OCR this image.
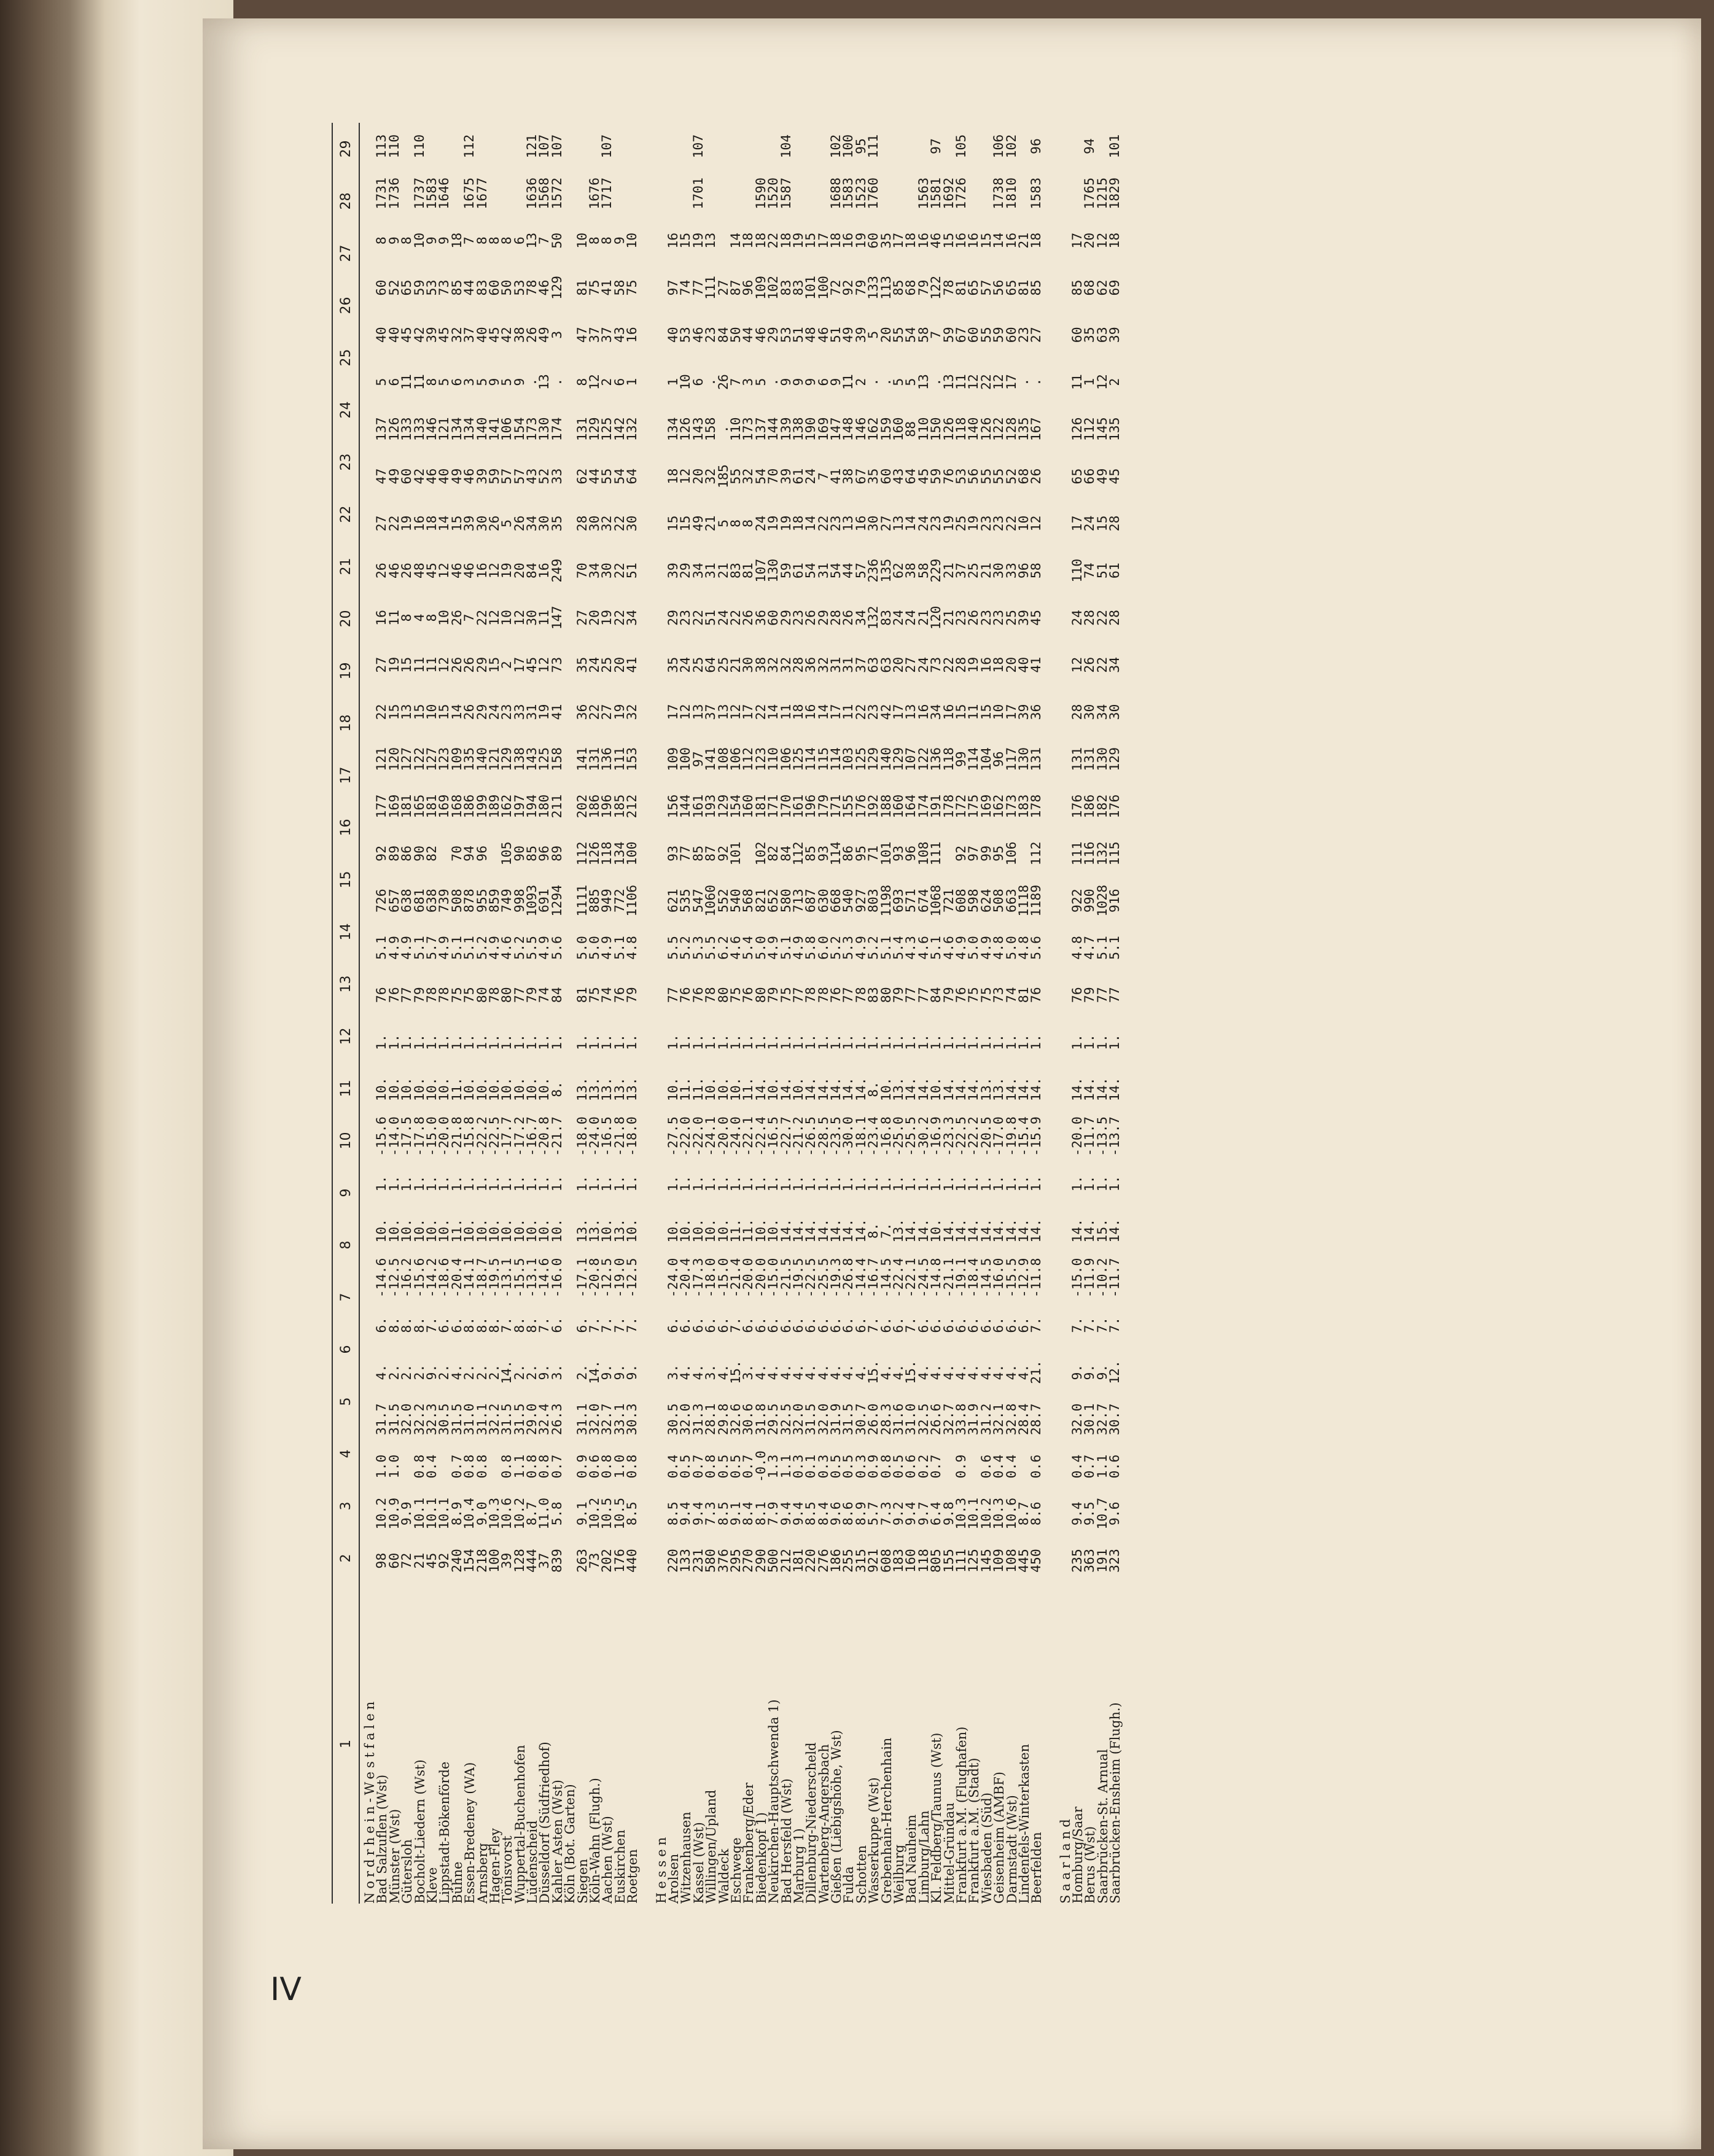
1
2
3
4
5
6
7
8
9
10
11
12
13
14
15
16
17
18
19
20
21
22
23
24
25
26
27
28
29
Nordrhein-Westfalen
Bad Salzuflen (Wst)
98
10.2
1.0
31.7
4.
6.
-14.6
10.
1.
-15.6
10.
1.
76
5.1
726
92
177
121
22
27
16
26
27
47
137
5
40
60
8
1731
113
Münster (Wst)
60
10.9
1.0
31.5
2.
8.
-12.5
10.
1.
-14.0
10.
1.
76
4.9
657
89
169
120
15
19
11
46
22
49
126
6
40
52
9
1736
110
Gütersloh
72
9.9
32.0
2.
8.
-16.2
10.
1.
-17.5
10.
1.
77
4.9
638
86
181
127
13
15
8
26
19
60
133
11
45
65
8
Bocholt-Liedern (Wst)
21
10.1
0.8
32.2
2.
8.
-15.6
10.
1.
-17.8
10.
1.
79
5.1
681
90
165
122
15
11
4
48
16
42
133
11
42
59
10
1737
110
Kleve
45
10.1
0.4
32.3
9.
7.
-14.2
10.
1.
-15.0
10.
1.
78
5.7
638
82
181
127
10
11
8
45
18
46
146
8
39
53
9
1583
Lippstadt-Bökenförde
92
10.1
30.5
2.
6.
-18.6
10.
1.
-20.0
10.
1.
78
4.9
739
169
123
15
12
10
12
14
40
121
5
45
73
9
1646
Bühne
240
8.9
0.7
31.5
4.
6.
-20.4
11.
1.
-21.8
11.
1.
75
5.1
508
70
168
109
14
26
26
46
15
49
134
6
32
85
18
Essen-Bredeney (WA)
154
10.4
0.8
31.0
2.
8.
-14.1
10.
1.
-15.8
10.
1.
75
5.1
878
94
186
135
26
26
7
46
39
46
134
3
37
44
7
1675
112
Arnsberg
218
9.0
0.8
31.1
2.
8.
-18.7
10.
1.
-22.2
10.
1.
80
5.2
955
96
199
140
29
29
22
16
30
39
140
5
40
83
8
1677
Hagen-Fley
100
10.3
32.2
2.
8.
-19.5
10.
1.
-22.5
10.
1.
78
4.9
859
189
121
24
15
12
12
26
59
141
9
45
60
8
Tönisvorst
39
10.6
0.8
31.5
14.
7.
-13.1
10.
1.
-17.7
10.
1.
80
4.6
749
105
162
129
23
2
10
19
5
57
106
5
42
50
8
Wuppertal-Buchenhofen
128
10.2
1.1
31.5
2.
8.
-15.5
10.
1.
-17.2
10.
1.
77
5.2
998
90
197
138
33
17
12
20
26
57
154
9
38
53
6
Lüdenscheid
444
8.7
0.8
29.0
2.
8.
-13.1
10.
1.
-16.7
10.
1.
79
5.5
1093
85
194
143
31
45
30
84
34
43
173
.
26
78
13
1636
121
Düsseldorf (Südfriedhof)
37
11.0
0.8
32.4
9.
7.
-14.6
10.
1.
-20.8
10.
1.
74
4.9
691
96
180
125
19
12
11
16
30
52
130
13
49
46
7
1568
107
Kahler Asten (Wst)
839
5.8
0.7
26.3
3.
6.
-16.0
10.
1.
-21.7
8.
1.
84
5.6
1294
89
211
158
41
73
147
249
35
33
174
.
3
129
50
1572
107
Köln (Bot. Garten)
Siegen
263
9.1
0.9
31.1
2.
6.
-17.1
13.
1.
-18.0
13.
1.
81
5.0
1111
112
202
141
36
35
27
70
28
62
131
8
47
81
10
Köln-Wahn (Flugh.)
73
10.2
0.6
32.0
14.
7.
-20.8
13.
1.
-24.0
13.
1.
75
5.0
885
126
186
131
22
24
20
34
30
44
129
12
37
75
8
1676
Aachen (Wst)
202
10.5
0.8
32.7
9.
7.
-12.5
10.
1.
-16.5
13.
1.
74
4.9
949
118
196
136
27
25
19
30
32
55
125
2
37
41
8
1717
107
Euskirchen
176
10.5
1.0
33.1
9.
7.
-19.0
13.
1.
-21.8
13.
1.
76
5.1
772
134
185
111
19
20
22
22
22
54
142
6
43
58
9
Roetgen
440
8.5
0.8
30.3
9.
7.
-12.5
10.
1.
-18.0
13.
1.
79
4.8
1106
100
212
153
32
41
34
51
30
64
132
1
16
75
10
Hessen
Arolsen
220
8.5
0.4
30.5
3.
6.
-24.0
10.
1.
-27.5
10.
1.
77
5.5
621
93
156
109
17
35
29
39
15
18
134
1
40
97
16
Witzenhausen
133
9.4
0.5
32.0
4.
6.
-20.4
10.
1.
-22.0
11.
1.
76
5.2
535
77
144
100
12
24
23
29
15
12
126
10
53
74
15
Kassel (Wst)
231
9.4
0.7
31.3
4.
6.
-17.3
10.
1.
-22.0
11.
1.
76
5.3
547
85
161
97
13
25
22
34
49
20
143
6
46
77
19
1701
107
Willingen/Upland
580
7.3
0.8
28.1
3.
6.
-18.0
10.
1.
-24.1
10.
1.
78
5.5
1060
87
193
141
37
64
51
31
21
32
158
.
23
111
13
Waldeck
376
8.5
0.5
29.8
4.
6.
-15.0
10.
1.
-20.0
10.
1.
80
6.2
552
92
129
108
13
25
24
21
5
185
.
26
84
27
Eschwege
295
9.1
0.5
32.6
15.
7.
-21.4
11.
1.
-24.0
10.
1.
75
4.6
540
101
154
106
12
21
22
83
8
55
110
7
50
87
14
Frankenberg/Eder
270
8.4
0.7
30.6
3.
6.
-20.0
11.
1.
-22.1
11.
1.
76
5.4
568
160
112
17
30
26
81
8
32
173
3
44
96
18
Biedenkopf 1)
290
8.1
-0.0
31.8
4.
6.
-20.0
10.
1.
-22.4
14.
1.
80
5.0
821
102
181
123
22
38
36
107
24
54
137
5
46
109
18
1590
Neukirchen-Hauptschwenda 1)
500
7.9
1.3
29.5
4.
6.
-15.0
10.
1.
-16.5
10.
1.
79
4.9
652
82
171
110
14
32
60
130
19
70
144
.
29
102
22
1520
Bad Hersfeld (Wst)
212
9.4
1.1
32.5
4.
6.
-21.5
14.
1.
-22.7
14.
1.
75
5.1
580
84
170
106
11
32
29
59
19
39
139
9
53
83
18
1587
104
Marburg 1)
181
9.4
0.3
32.0
4.
6.
-19.5
14.
1.
-21.2
10.
1.
77
4.9
713
112
161
125
18
28
23
61
18
61
138
9
51
83
19
Dillenburg-Niederscheld
220
8.5
0.1
31.5
4.
6.
-22.5
14.
1.
-26.5
14.
1.
78
5.8
687
85
196
114
16
36
26
54
14
24
190
9
48
101
15
Wartenberg-Angersbach
276
8.4
0.3
32.0
4.
6.
-25.5
14.
1.
-28.5
14.
1.
78
6.0
630
93
179
115
14
32
29
31
22
7
169
6
46
100
17
Gießen (Liebigshöhe, Wst)
186
9.6
0.5
31.9
4.
6.
-19.3
14.
1.
-23.5
14.
1.
76
5.2
668
114
171
114
17
31
28
54
23
41
147
9
51
72
18
1688
102
Fulda
255
8.6
0.5
31.5
4.
6.
-26.8
14.
1.
-30.0
14.
1.
77
5.3
540
86
155
103
11
31
26
44
13
38
148
11
49
92
16
1583
100
Schotten
315
8.9
0.3
30.7
4.
6.
-14.4
14.
1.
-18.1
14.
1.
78
4.9
927
95
176
125
22
37
34
57
16
67
146
2
39
79
19
1523
95
Wasserkuppe (Wst)
921
5.7
0.9
26.0
15.
7.
-16.7
8.
1.
-23.4
8.
1.
83
5.2
803
71
192
129
23
63
132
236
30
35
162
.
5
133
60
1760
111
Grebenhain-Herchenhain
608
7.3
0.8
28.3
4.
6.
-14.5
7.
1.
-16.8
10.
1.
80
5.1
1198
101
188
140
42
63
83
135
27
60
159
.
20
113
35
Weilburg
183
9.2
0.5
31.6
4.
6.
-22.4
13.
1.
-25.0
13.
1.
79
5.4
693
93
160
129
17
20
24
62
13
43
160
5
55
85
17
Bad Nauheim
160
9.4
0.6
31.0
15.
7.
-22.1
14.
1.
-25.5
14.
1.
77
4.3
571
96
164
107
13
27
24
38
14
64
88
5
54
68
18
Limburg/Lahn
118
9.7
0.2
32.5
4.
6.
-24.5
14.
1.
-30.2
14.
1.
77
4.6
674
108
174
122
16
24
21
58
24
45
110
13
58
79
16
1563
Kl. Feldberg/Taunus (Wst)
805
6.4
0.7
26.6
4.
6.
-14.8
10.
1.
-16.9
10.
1.
84
5.1
1068
111
191
136
34
73
120
229
23
59
150
.
7
122
46
1581
97
Mittel-Gründau
155
9.8
32.7
4.
6.
-21.1
14.
1.
-23.3
14.
1.
79
4.6
721
178
118
16
22
21
21
19
76
126
13
59
78
15
1692
Frankfurt a.M. (Flughafen)
111
10.3
0.9
33.8
4.
6.
-19.1
14.
1.
-22.5
14.
1.
76
4.9
608
92
172
99
15
28
23
37
25
53
118
11
67
81
16
1726
105
Frankfurt a.M. (Stadt)
125
10.1
31.9
4.
6.
-18.4
14.
1.
-22.2
14.
1.
75
5.0
598
97
175
114
11
19
26
25
19
56
140
12
60
65
16
Wiesbaden (Süd)
145
10.2
0.6
31.2
4.
6.
-14.5
14.
1.
-20.5
13.
1.
75
4.9
624
99
169
104
15
16
23
21
23
55
126
22
55
57
15
Geisenheim (AMBF)
109
10.3
0.4
32.1
4.
6.
-16.0
14.
1.
-17.0
13.
1.
73
4.8
508
95
162
96
10
18
23
30
23
55
122
12
59
56
14
1738
106
Darmstadt (Wst)
108
10.6
0.4
32.8
4.
6.
-15.5
14.
1.
-19.8
14.
1.
74
5.0
663
106
173
117
17
20
25
33
22
52
128
17
60
65
16
1810
102
Lindenfels-Winterkasten
445
8.7
28.4
4.
6.
-12.9
14.
1.
-15.4
14.
1.
81
4.8
1118
183
130
39
40
39
96
10
68
135
.
23
81
21
Beerfelden
450
8.6
0.6
28.7
21.
7.
-11.8
14.
1.
-15.9
14.
1.
76
5.6
1189
112
178
131
36
41
45
58
12
26
167
.
27
85
18
1583
96
Saarland
Homburg/Saar
235
9.4
0.4
32.0
9.
7.
-15.0
14.
1.
-20.0
14.
1.
76
4.8
922
111
176
131
28
12
24
110
17
65
126
11
60
85
17
Berus (Wst)
363
9.5
0.7
30.1
9.
7.
-11.9
14.
1.
-11.7
14.
1.
79
4.7
990
116
186
131
30
26
28
74
24
66
112
1
35
68
20
1765
94
Saarbrücken-St. Arnual
191
10.7
1.1
32.7
9.
7.
-10.2
15.
1.
-13.5
14.
1.
77
5.1
1028
132
182
130
34
22
22
51
15
49
145
12
63
62
12
1215
Saarbrücken-Ensheim (Flugh.)
323
9.6
0.6
30.7
12.
7.
-11.7
14.
1.
-13.7
14.
1.
77
5.1
916
115
176
129
30
34
28
61
28
45
135
2
39
69
18
1829
101
IV
